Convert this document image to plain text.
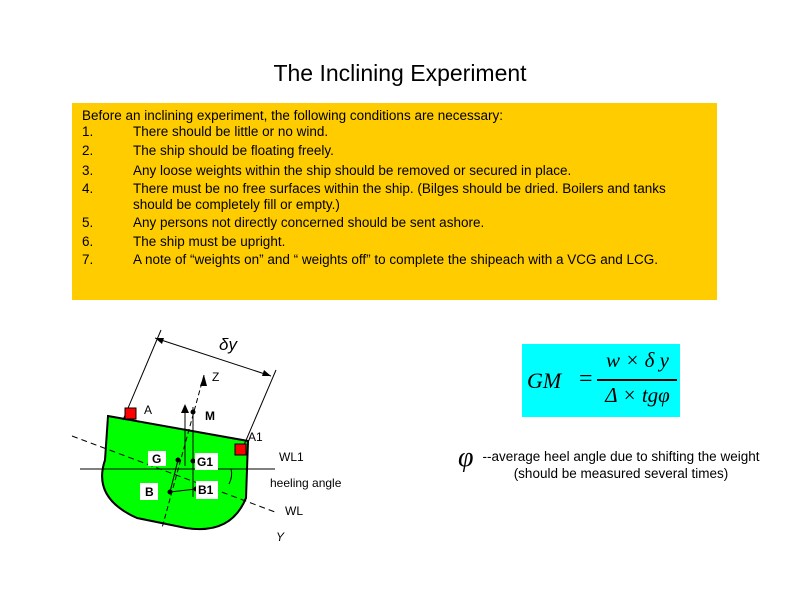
The Inclining Experiment
Before an inclining experiment, the following conditions are necessary:
1.	There should be little or no wind.
2.	The ship should be floating freely.
3.	Any loose weights within the ship should be removed or secured in place.
4.	There must be no free surfaces within the ship. (Bilges should be dried. Boilers and tanks should be completely fill or empty.)
5.	Any persons not directly concerned should be sent ashore.
6.	The ship must be upright.
7.	A note of “weights on” and “ weights off” to complete the shipeach with a VCG and LCG.
δy
Z
Y
G	G1
B	B1
M
A
A1
WL1
WL
heeling angle
GM =
w × δ y
Δ × tgφ
φ --average heel angle due to shifting the weight (should be measured several times)
